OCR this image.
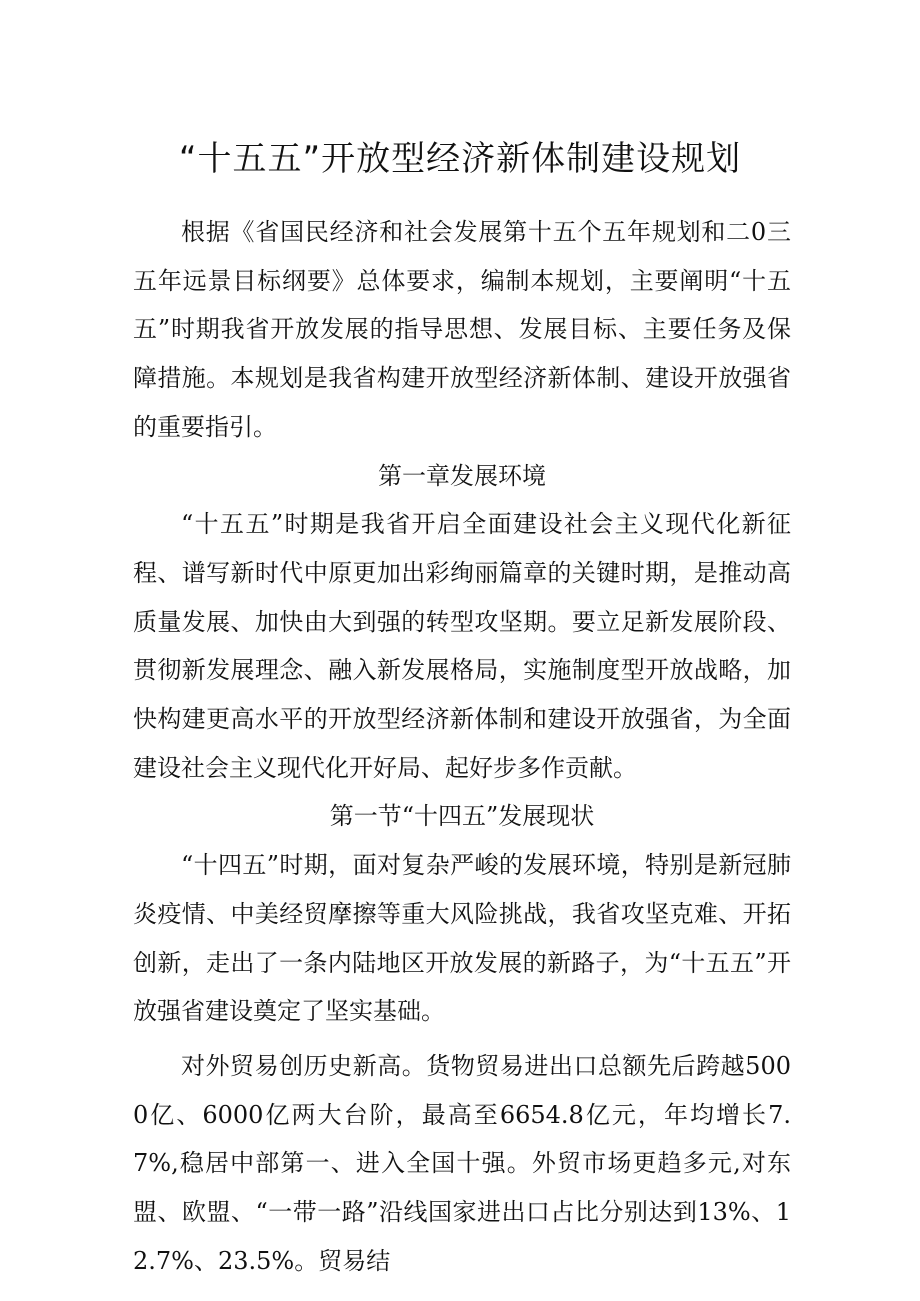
“十五五”开放型经济新体制建设规划

根据《省国民经济和社会发展第十五个五年规划和二0三五年远景目标纲要》总体要求，编制本规划，主要阐明“十五五”时期我省开放发展的指导思想、发展目标、主要任务及保障措施。本规划是我省构建开放型经济新体制、建设开放强省的重要指引。

第一章发展环境

“十五五”时期是我省开启全面建设社会主义现代化新征程、谱写新时代中原更加出彩绚丽篇章的关键时期，是推动高质量发展、加快由大到强的转型攻坚期。要立足新发展阶段、贯彻新发展理念、融入新发展格局，实施制度型开放战略，加快构建更高水平的开放型经济新体制和建设开放强省，为全面建设社会主义现代化开好局、起好步多作贡献。

第一节“十四五”发展现状

“十四五”时期，面对复杂严峻的发展环境，特别是新冠肺炎疫情、中美经贸摩擦等重大风险挑战，我省攻坚克难、开拓创新，走出了一条内陆地区开放发展的新路子，为“十五五”开放强省建设奠定了坚实基础。

对外贸易创历史新高。货物贸易进出口总额先后跨越5000亿、6000亿两大台阶，最高至6654.8亿元，年均增长7.7%,稳居中部第一、进入全国十强。外贸市场更趋多元,对东盟、欧盟、“一带一路”沿线国家进出口占比分别达到13%、12.7%、23.5%。贸易结
